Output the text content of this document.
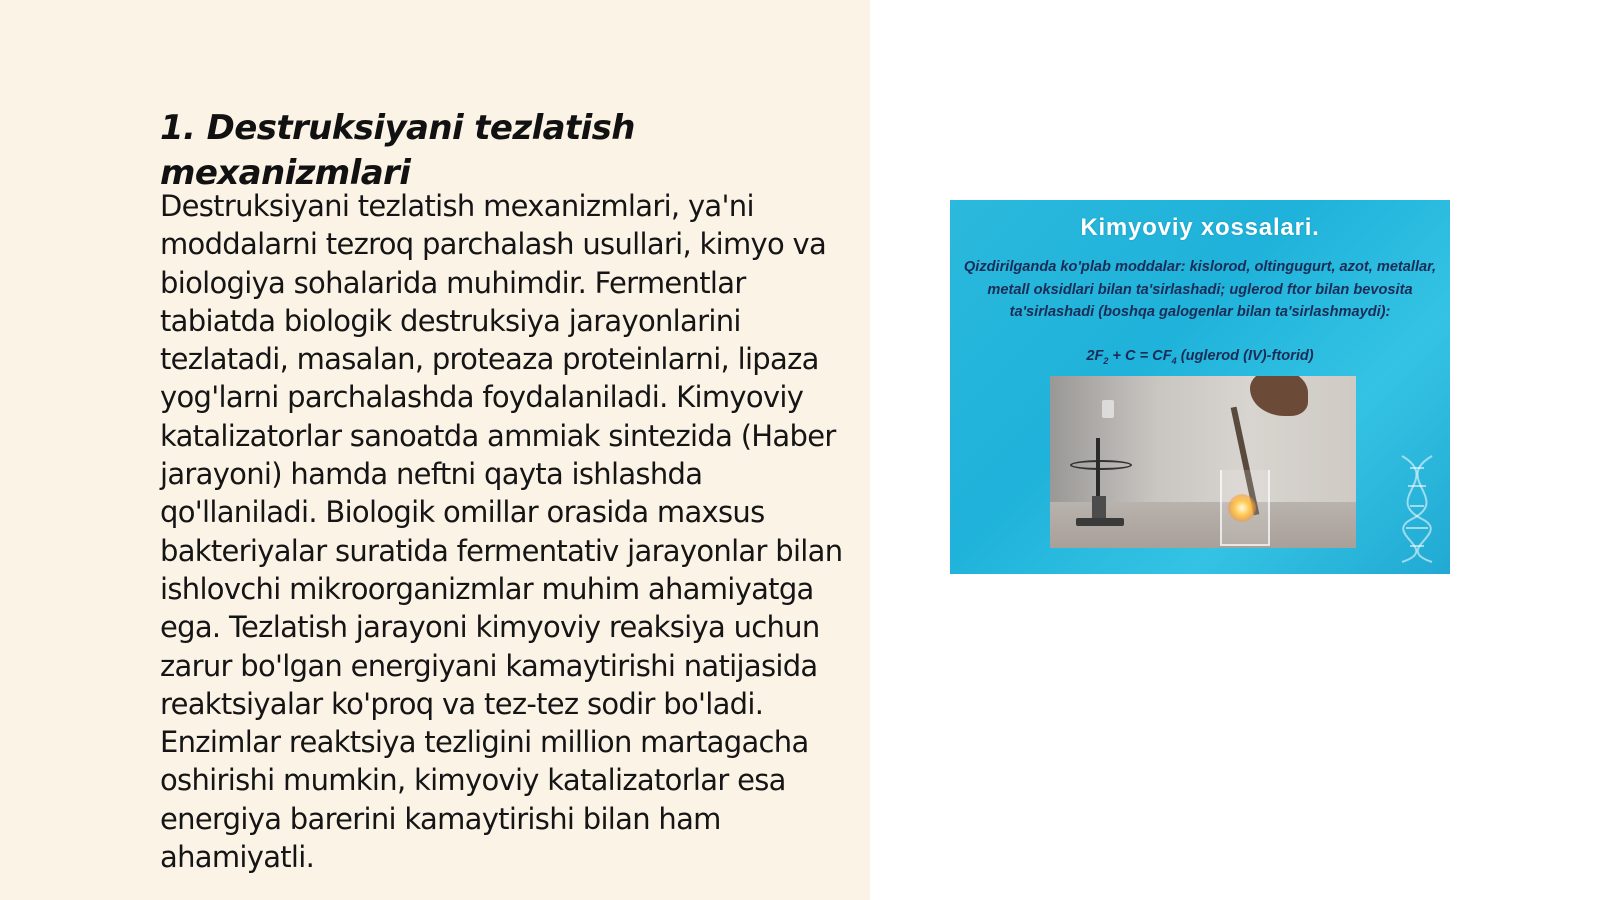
1. Destruksiyani tezlatish mexanizmlari

Destruksiyani tezlatish mexanizmlari, ya'ni moddalarni tezroq parchalash usullari, kimyo va biologiya sohalarida muhimdir. Fermentlar tabiatda biologik destruksiya jarayonlarini tezlatadi, masalan, proteaza proteinlarni, lipaza yog'larni parchalashda foydalaniladi. Kimyoviy katalizatorlar sanoatda ammiak sintezida (Haber jarayoni) hamda neftni qayta ishlashda qo'llaniladi. Biologik omillar orasida maxsus bakteriyalar suratida fermentativ jarayonlar bilan ishlovchi mikroorganizmlar muhim ahamiyatga ega. Tezlatish jarayoni kimyoviy reaksiya uchun zarur bo'lgan energiyani kamaytirishi natijasida reaktsiyalar ko'proq va tez-tez sodir bo'ladi. Enzimlar reaktsiya tezligini million martagacha oshirishi mumkin, kimyoviy katalizatorlar esa energiya barerini kamaytirishi bilan ham ahamiyatli.

Kimyoviy xossalari.
Qizdirilganda ko'plab moddalar: kislorod, oltingugurt, azot, metallar, metall oksidlari bilan ta'sirlashadi; uglerod ftor bilan bevosita ta'sirlashadi (boshqa galogenlar bilan ta'sirlashmaydi):
$2F_2 + C = CF_4$ (uglerod (IV)-ftorid)
